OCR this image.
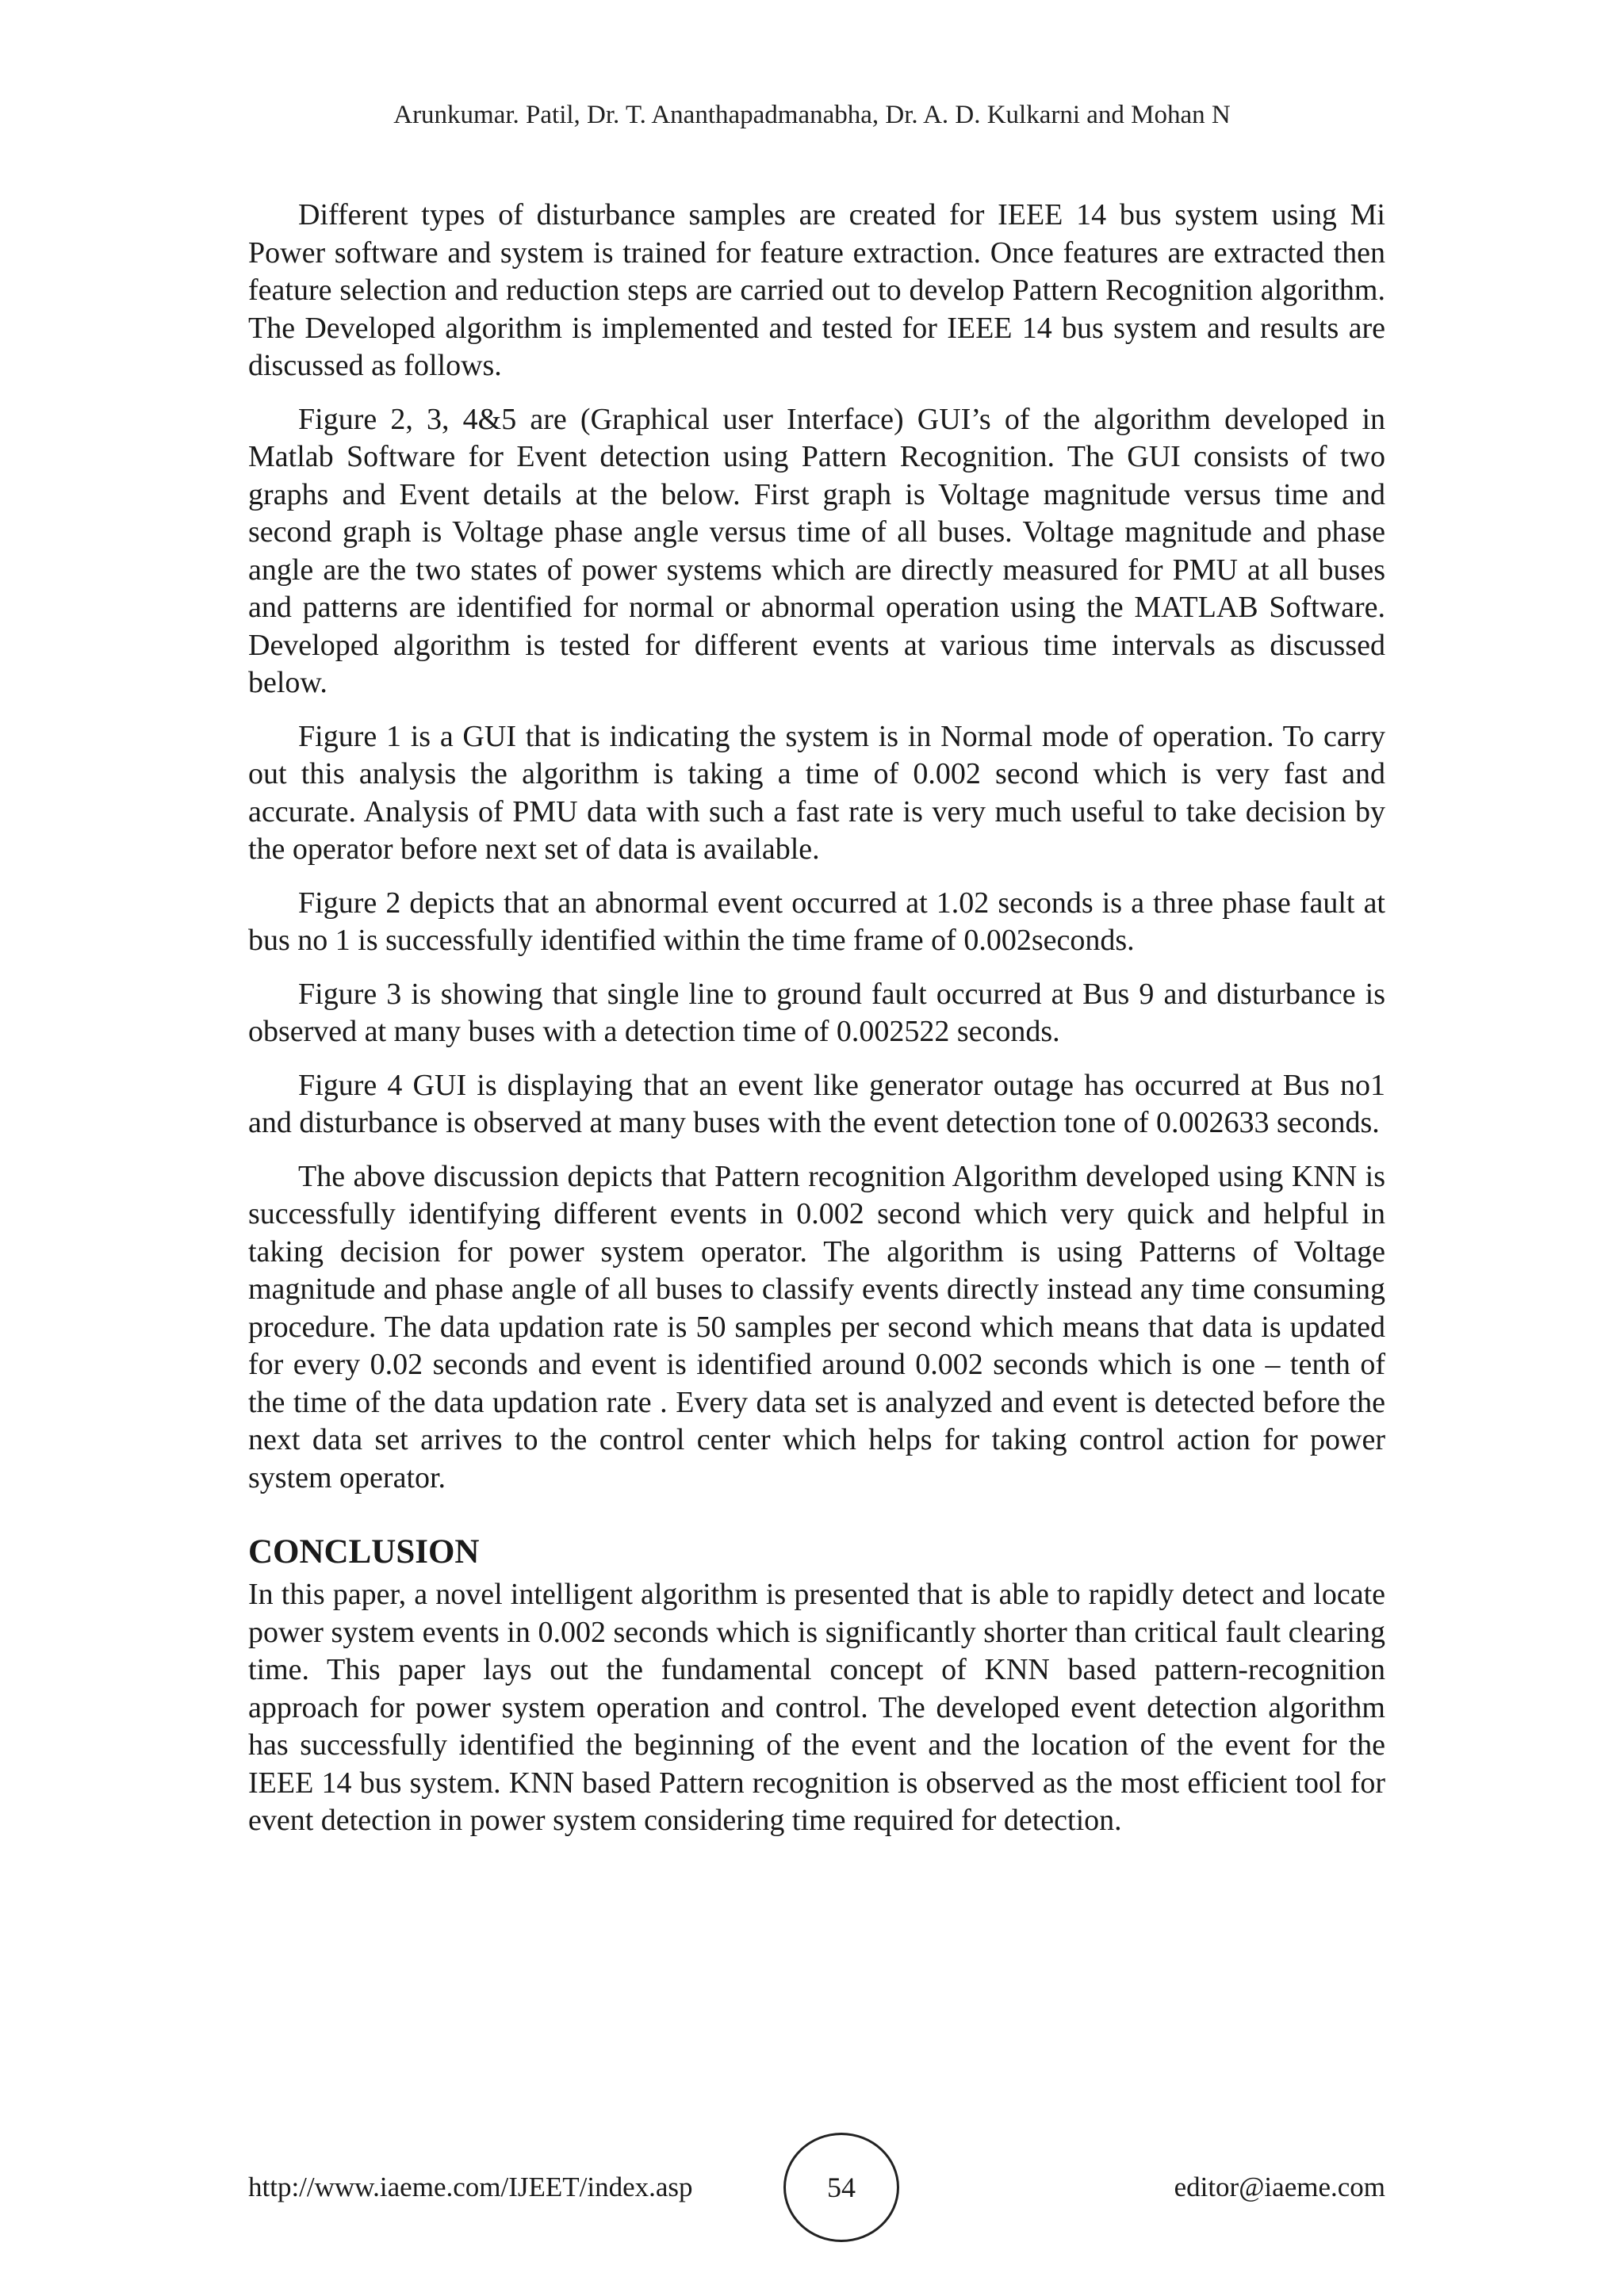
Arunkumar. Patil, Dr. T. Ananthapadmanabha, Dr. A. D. Kulkarni and Mohan N

Different types of disturbance samples are created for IEEE 14 bus system using Mi Power software and system is trained for feature extraction. Once features are extracted then feature selection and reduction steps are carried out to develop Pattern Recognition algorithm. The Developed algorithm is implemented and tested for IEEE 14 bus system and results are discussed as follows.

Figure 2, 3, 4&5 are (Graphical user Interface) GUI’s of the algorithm developed in Matlab Software for Event detection using Pattern Recognition. The GUI consists of two graphs and Event details at the below. First graph is Voltage magnitude versus time and second graph is Voltage phase angle versus time of all buses. Voltage magnitude and phase angle are the two states of power systems which are directly measured for PMU at all buses and patterns are identified for normal or abnormal operation using the MATLAB Software. Developed algorithm is tested for different events at various time intervals as discussed below.

Figure 1 is a GUI that is indicating the system is in Normal mode of operation. To carry out this analysis the algorithm is taking a time of 0.002 second which is very fast and accurate. Analysis of PMU data with such a fast rate is very much useful to take decision by the operator before next set of data is available.

Figure 2 depicts that an abnormal event occurred at 1.02 seconds is a three phase fault at bus no 1 is successfully identified within the time frame of 0.002seconds.

Figure 3 is showing that single line to ground fault occurred at Bus 9 and disturbance is observed at many buses with a detection time of 0.002522 seconds.

Figure 4 GUI is displaying that an event like generator outage has occurred at Bus no1 and disturbance is observed at many buses with the event detection tone of 0.002633 seconds.

The above discussion depicts that Pattern recognition Algorithm developed using KNN is successfully identifying different events in 0.002 second which very quick and helpful in taking decision for power system operator. The algorithm is using Patterns of Voltage magnitude and phase angle of all buses to classify events directly instead any time consuming procedure. The data updation rate is 50 samples per second which means that data is updated for every 0.02 seconds and event is identified around 0.002 seconds which is one – tenth of the time of the data updation rate . Every data set is analyzed and event is detected before the next data set arrives to the control center which helps for taking control action for power system operator.

CONCLUSION

In this paper, a novel intelligent algorithm is presented that is able to rapidly detect and locate power system events in 0.002 seconds which is significantly shorter than critical fault clearing time. This paper lays out the fundamental concept of KNN based pattern-recognition approach for power system operation and control. The developed event detection algorithm has successfully identified the beginning of the event and the location of the event for the IEEE 14 bus system. KNN based Pattern recognition is observed as the most efficient tool for event detection in power system considering time required for detection.

http://www.iaeme.com/IJEET/index.asp	54	editor@iaeme.com
